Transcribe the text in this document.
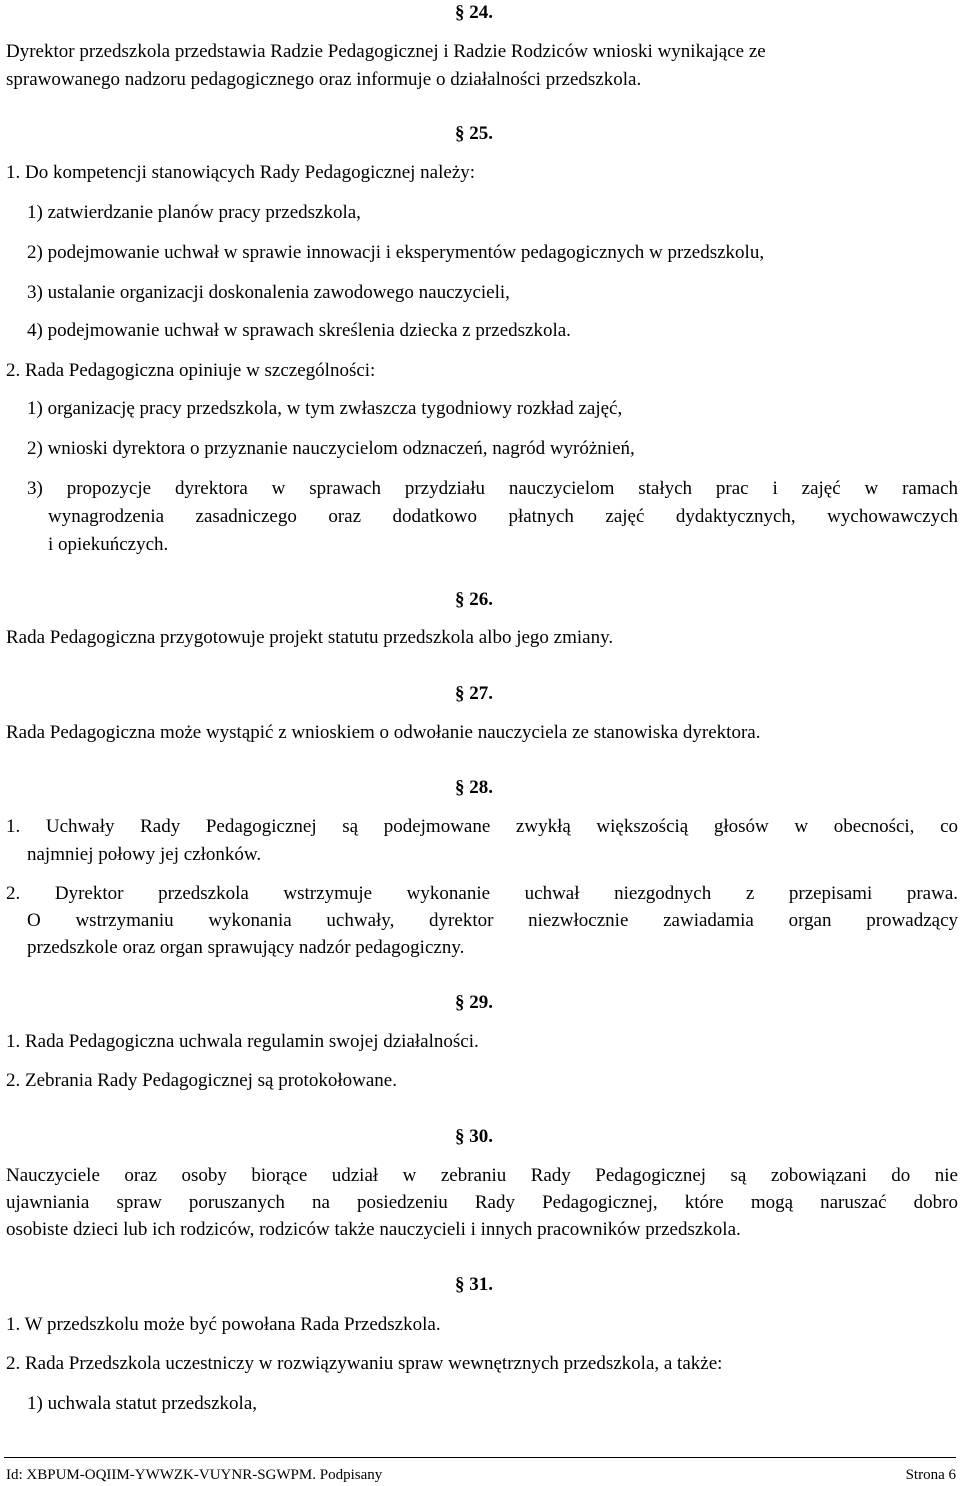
§ 24.
Dyrektor przedszkola przedstawia Radzie Pedagogicznej i Radzie Rodziców wnioski wynikające ze
sprawowanego nadzoru pedagogicznego oraz informuje o działalności przedszkola.
§ 25.
1. Do kompetencji stanowiących Rady Pedagogicznej należy:
1) zatwierdzanie planów pracy przedszkola,
2) podejmowanie uchwał w sprawie innowacji i eksperymentów pedagogicznych w przedszkolu,
3) ustalanie organizacji doskonalenia zawodowego nauczycieli,
4) podejmowanie uchwał w sprawach skreślenia dziecka z przedszkola.
2. Rada Pedagogiczna opiniuje w szczególności:
1) organizację pracy przedszkola, w tym zwłaszcza tygodniowy rozkład zajęć,
2) wnioski dyrektora o przyznanie nauczycielom odznaczeń, nagród wyróżnień,
3) propozycje dyrektora w sprawach przydziału nauczycielom stałych prac i zajęć w ramach
wynagrodzenia zasadniczego oraz dodatkowo płatnych zajęć dydaktycznych, wychowawczych
i opiekuńczych.
§ 26.
Rada Pedagogiczna przygotowuje projekt statutu przedszkola albo jego zmiany.
§ 27.
Rada Pedagogiczna może wystąpić z wnioskiem o odwołanie nauczyciela ze stanowiska dyrektora.
§ 28.
1. Uchwały Rady Pedagogicznej są podejmowane zwykłą większością głosów w obecności, co
najmniej połowy jej członków.
2. Dyrektor przedszkola wstrzymuje wykonanie uchwał niezgodnych z przepisami prawa.
O wstrzymaniu wykonania uchwały, dyrektor niezwłocznie zawiadamia organ prowadzący
przedszkole oraz organ sprawujący nadzór pedagogiczny.
§ 29.
1. Rada Pedagogiczna uchwala regulamin swojej działalności.
2. Zebrania Rady Pedagogicznej są protokołowane.
§ 30.
Nauczyciele oraz osoby biorące udział w zebraniu Rady Pedagogicznej są zobowiązani do nie
ujawniania spraw poruszanych na posiedzeniu Rady Pedagogicznej, które mogą naruszać dobro
osobiste dzieci lub ich rodziców, rodziców także nauczycieli i innych pracowników przedszkola.
§ 31.
1. W przedszkolu może być powołana Rada Przedszkola.
2. Rada Przedszkola uczestniczy w rozwiązywaniu spraw wewnętrznych przedszkola, a także:
1) uchwala statut przedszkola,
Id: XBPUM-OQIIM-YWWZK-VUYNR-SGWPM. Podpisany	Strona 6
